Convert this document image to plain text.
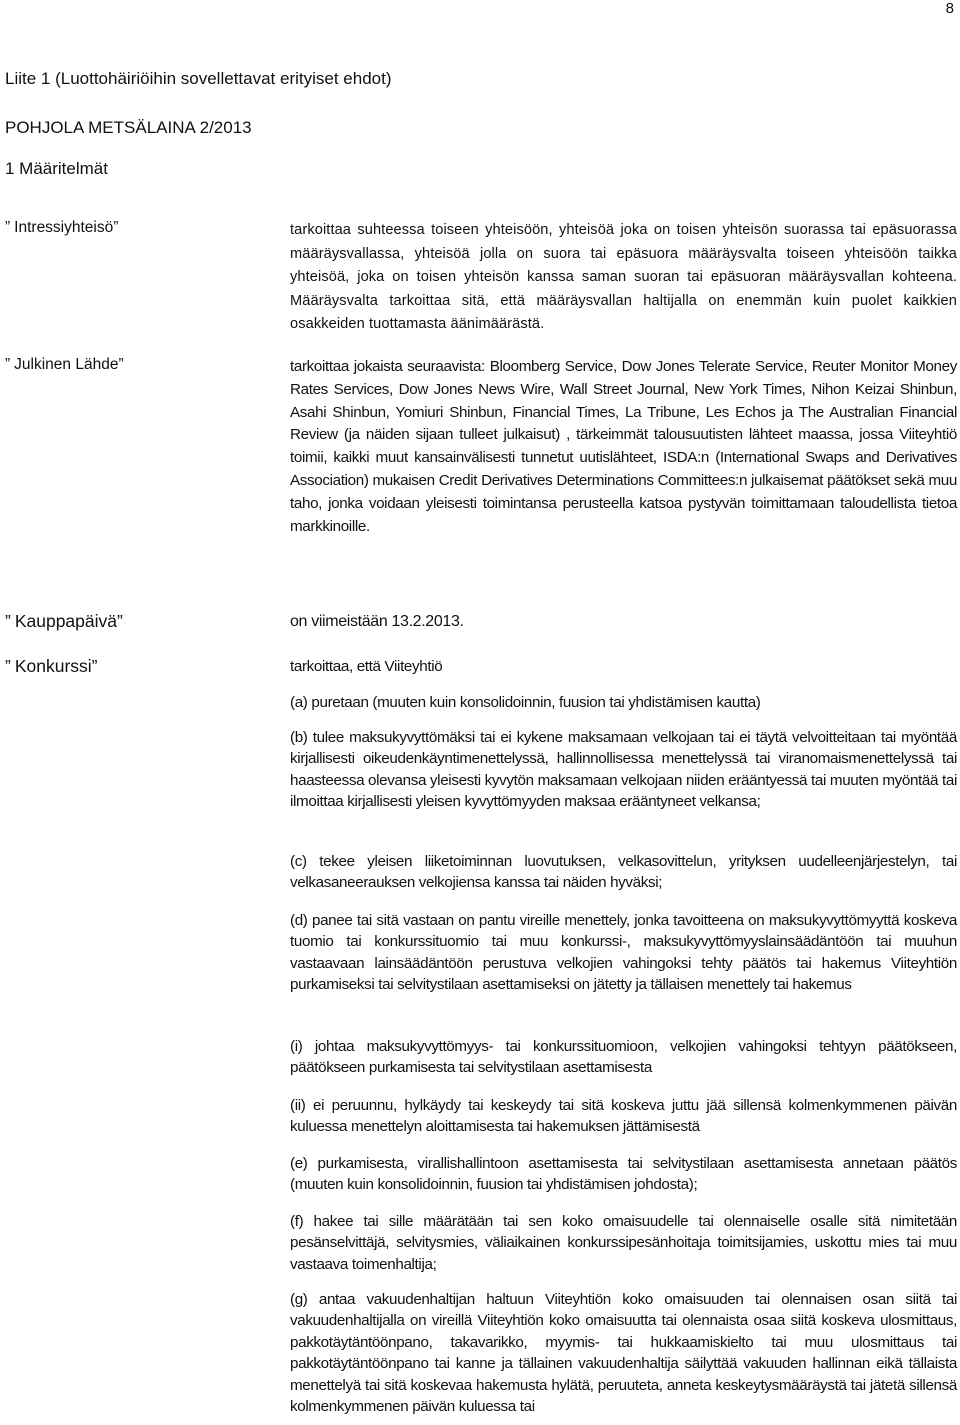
8
Liite 1 (Luottohäiriöihin sovellettavat erityiset ehdot)
POHJOLA METSÄLAINA 2/2013
1 Määritelmät
” Intressiyhteisö”	tarkoittaa suhteessa toiseen yhteisöön, yhteisöä joka on toisen yhteisön suorassa tai epäsuorassa määräysvallassa, yhteisöä jolla on suora tai epäsuora määräysvalta toiseen yhteisöön taikka yhteisöä, joka on toisen yhteisön kanssa saman suoran tai epäsuoran määräysvallan kohteena. Määräysvalta tarkoittaa sitä, että määräysvallan haltijalla on enemmän kuin puolet kaikkien osakkeiden tuottamasta äänimäärästä.

” Julkinen Lähde”	tarkoittaa jokaista seuraavista: Bloomberg Service, Dow Jones Telerate Service, Reuter Monitor Money Rates Services, Dow Jones News Wire, Wall Street Journal, New York Times, Nihon Keizai Shinbun, Asahi Shinbun, Yomiuri Shinbun, Financial Times, La Tribune, Les Echos ja The Australian Financial Review (ja näiden sijaan tulleet julkaisut) , tärkeimmät talousuutisten lähteet maassa, jossa Viiteyhtiö toimii, kaikki muut kansainvälisesti tunnetut uutislähteet, ISDA:n (International Swaps and Derivatives Association) mukaisen Credit Derivatives Determinations Committees:n julkaisemat päätökset sekä muu taho, jonka voidaan yleisesti toimintansa perusteella katsoa pystyvän toimittamaan taloudellista tietoa markkinoille.

” Kauppapäivä”	on viimeistään 13.2.2013.

” Konkurssi”	tarkoittaa, että Viiteyhtiö

(a) puretaan (muuten kuin konsolidoinnin, fuusion tai yhdistämisen kautta)

(b) tulee maksukyvyttömäksi tai ei kykene maksamaan velkojaan tai ei täytä velvoitteitaan tai myöntää kirjallisesti oikeudenkäyntimenettelyssä, hallinnollisessa menettelyssä tai viranomaismenettelyssä tai haasteessa olevansa yleisesti kyvytön maksamaan velkojaan niiden erääntyessä tai muuten myöntää tai ilmoittaa kirjallisesti yleisen kyvyttömyyden maksaa erääntyneet velkansa;

(c) tekee yleisen liiketoiminnan luovutuksen, velkasovittelun, yrityksen uudelleenjärjestelyn, tai velkasaneerauksen velkojiensa kanssa tai näiden hyväksi;

(d) panee tai sitä vastaan on pantu vireille menettely, jonka tavoitteena on maksukyvyttömyyttä koskeva tuomio tai konkurssituomio tai muu konkurssi-, maksukyvyttömyyslainsäädäntöön tai muuhun vastaavaan lainsäädäntöön perustuva velkojien vahingoksi tehty päätös tai hakemus Viiteyhtiön purkamiseksi tai selvitystilaan asettamiseksi on jätetty ja tällaisen menettely tai hakemus

(i) johtaa maksukyvyttömyys- tai konkurssituomioon, velkojien vahingoksi tehtyyn päätökseen, päätökseen purkamisesta tai selvitystilaan asettamisesta

(ii) ei peruunnu, hylkäydy tai keskeydy tai sitä koskeva juttu jää sillensä kolmenkymmenen päivän kuluessa menettelyn aloittamisesta tai hakemuksen jättämisestä

(e) purkamisesta, virallishallintoon asettamisesta tai selvitystilaan asettamisesta annetaan päätös (muuten kuin konsolidoinnin, fuusion tai yhdistämisen johdosta);

(f) hakee tai sille määrätään tai sen koko omaisuudelle tai olennaiselle osalle sitä nimitetään pesänselvittäjä, selvitysmies, väliaikainen konkurssipesänhoitaja toimitsijamies, uskottu mies tai muu vastaava toimenhaltija;

(g) antaa vakuudenhaltijan haltuun Viiteyhtiön koko omaisuuden tai olennaisen osan siitä tai vakuudenhaltijalla on vireillä Viiteyhtiön koko omaisuutta tai olennaista osaa siitä koskeva ulosmittaus, pakkotäytäntöönpano, takavarikko, myymis- tai hukkaamiskielto tai muu ulosmittaus tai pakkotäytäntöönpano tai kanne ja tällainen vakuudenhaltija säilyttää vakuuden hallinnan eikä tällaista menettelyä tai sitä koskevaa hakemusta hylätä, peruuteta, anneta keskeytysmääräystä tai jätetä sillensä kolmenkymmenen päivän kuluessa tai
